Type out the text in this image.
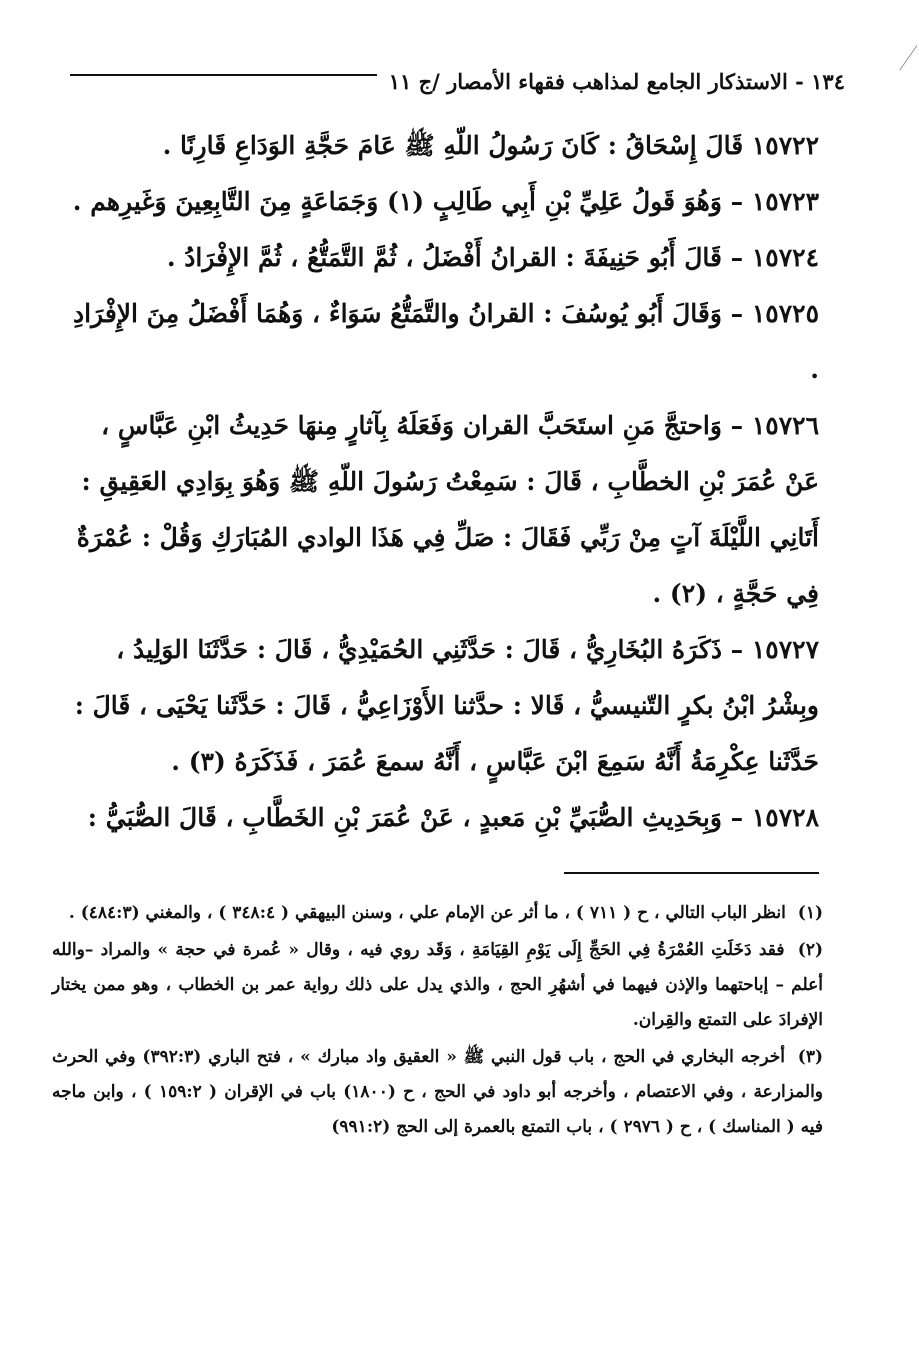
١٣٤ - الاستذكار الجامع لمذاهب فقهاء الأمصار /ج ١١

١٥٧٢٢ قَالَ إِسْحَاقُ : كَانَ رَسُولُ اللّهِ ﷺ عَامَ حَجَّةِ الوَدَاعِ قَارِنًا .

١٥٧٢٣ – وَهُوَ قَولُ عَلِيِّ بْنِ أَبِي طَالِبٍ (١) وَجَمَاعَةٍ مِنَ التَّابِعِينَ وَغَيرِهم .

١٥٧٢٤ – قَالَ أَبُو حَنِيفَةَ : القرانُ أَفْضَلُ ، ثُمَّ التَّمَتُّعُ ، ثُمَّ الإِفْرَادُ .

١٥٧٢٥ – وَقَالَ أَبُو يُوسُفَ : القرانُ والتَّمَتُّعُ سَوَاءٌ ، وَهُمَا أَفْضَلُ مِنَ الإِفْرَادِ .

١٥٧٢٦ – وَاحتجَّ مَنِ استَحَبَّ القران وَفَعَلَهُ بِآثارٍ مِنهَا حَدِيثُ ابْنِ عَبَّاسٍ ، عَنْ عُمَرَ بْنِ الخطَّابِ ، قَالَ : سَمِعْتُ رَسُولَ اللّهِ ﷺ وَهُوَ بِوَادِي العَقِيقِ : أَتَانِي اللَّيْلَةَ آتٍ مِنْ رَبِّي فَقَالَ : صَلِّ فِي هَذَا الوادي المُبَارَكِ وَقُلْ : عُمْرَةٌ فِي حَجَّةٍ ، (٢) .

١٥٧٢٧ – ذَكَرَهُ البُخَارِيُّ ، قَالَ : حَدَّثَنِي الحُمَيْدِيُّ ، قَالَ : حَدَّثَنَا الوَلِيدُ ، وبِشْرُ ابْنُ بكرٍ التّنيسيُّ ، قَالا : حدَّثنا الأَوْزَاعِيُّ ، قَالَ : حَدَّثَنا يَحْيَى ، قَالَ : حَدَّثَنا عِكْرِمَةُ أَنَّهُ سَمِعَ ابْنَ عَبَّاسٍ ، أَنَّهُ سمعَ عُمَرَ ، فَذَكَرَهُ (٣) .

١٥٧٢٨ – وَبِحَدِيثِ الصُّبَيِّ بْنِ مَعبدٍ ، عَنْ عُمَرَ بْنِ الخَطَّابِ ، قَالَ الصُّبَيُّ :

(١) انظر الباب التالي ، ح ( ٧١١ ) ، ما أثر عن الإمام علي ، وسنن البيهقي ( ٣٤٨:٤ ) ، والمغني (٤٨٤:٣) .

(٢) فقد دَخَلَتِ العُمْرَةُ فِي الحَجِّ إِلَى يَوْمِ القِيَامَةِ ، وَقَد روي فيه ، وقال « عُمرة في حجة » والمراد –والله أعلم – إباحتهما والإذن فيهما في أشهُرِ الحج ، والذي يدل على ذلك رواية عمر بن الخطاب ، وهو ممن يختار الإفرادَ على التمتع والقِران.

(٣) أخرجه البخاري في الحج ، باب قول النبي ﷺ « العقيق واد مبارك » ، فتح الباري (٣٩٢:٣) وفي الحرث والمزارعة ، وفي الاعتصام ، وأخرجه أبو داود في الحج ، ح (١٨٠٠) باب في الإقران ( ١٥٩:٢ ) ، وابن ماجه فيه ( المناسك ) ، ح ( ٢٩٧٦ ) ، باب التمتع بالعمرة إلى الحج (٩٩١:٢)
